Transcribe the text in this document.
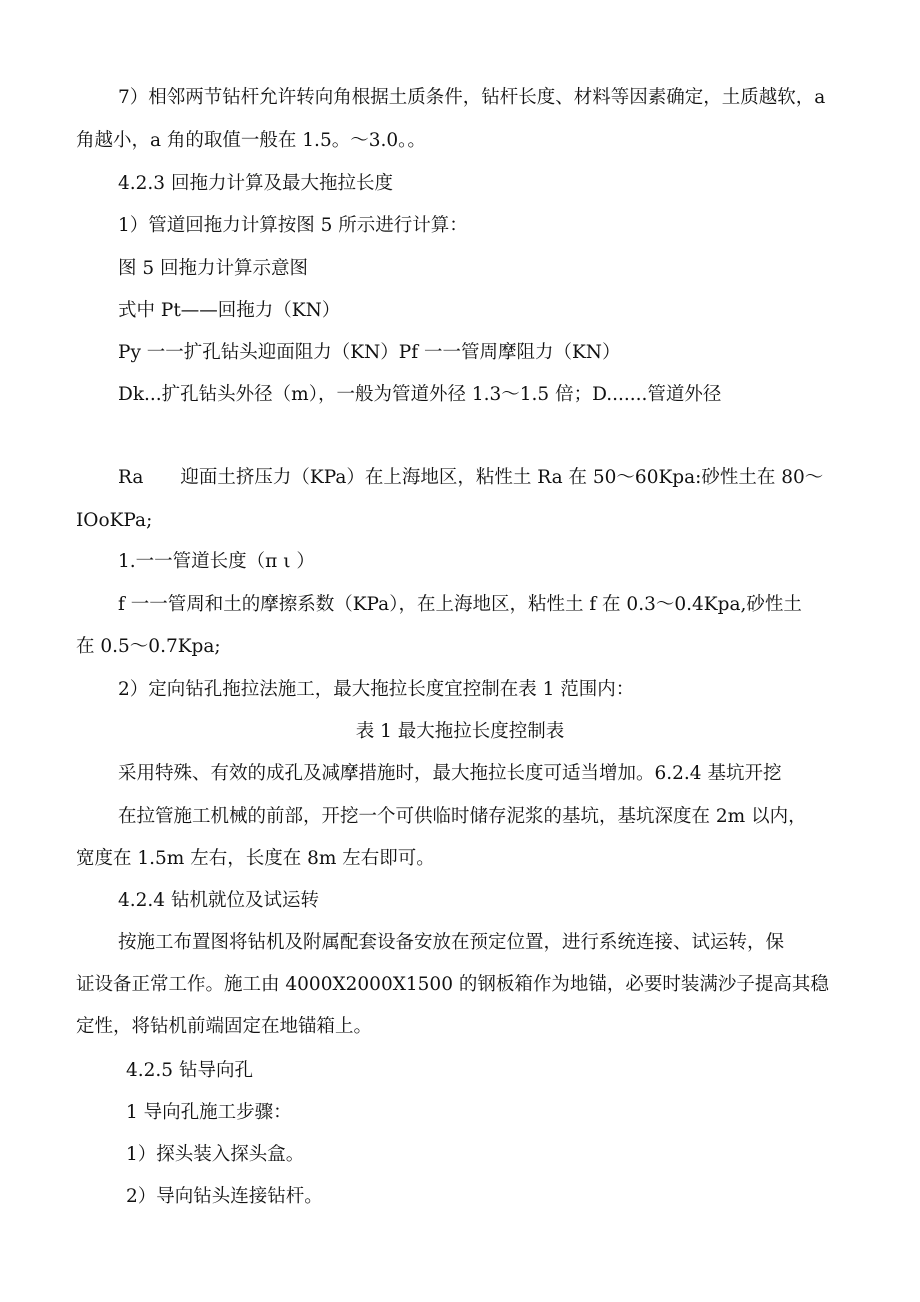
7）相邻两节钻杆允许转向角根据土质条件，钻杆长度、材料等因素确定，土质越软，a

角越小，a 角的取值一般在 1.5。～3.0。。

4.2.3 回拖力计算及最大拖拉长度

1）管道回拖力计算按图 5 所示进行计算：

图 5 回拖力计算示意图

式中 Pt——回拖力（KN）

Py 一一扩孔钻头迎面阻力（KN）Pf 一一管周摩阻力（KN）

Dk...扩孔钻头外径（m），一般为管道外径 1.3～1.5 倍；D.......管道外径

Ra　　迎面土挤压力（KPa）在上海地区，粘性土 Ra 在 50～60Kpa:砂性土在 80～

IOoKPa;

1.一一管道长度（π ι ）

f 一一管周和土的摩擦系数（KPa），在上海地区，粘性土 f 在 0.3～0.4Kpa,砂性土

在 0.5～0.7Kpa;

2）定向钻孔拖拉法施工，最大拖拉长度宜控制在表 1 范围内：

表 1 最大拖拉长度控制表

采用特殊、有效的成孔及减摩措施时，最大拖拉长度可适当增加。6.2.4 基坑开挖

在拉管施工机械的前部，开挖一个可供临时储存泥浆的基坑，基坑深度在 2m 以内，

宽度在 1.5m 左右，长度在 8m 左右即可。

4.2.4 钻机就位及试运转

按施工布置图将钻机及附属配套设备安放在预定位置，进行系统连接、试运转，保

证设备正常工作。施工由 4000X2000X1500 的钢板箱作为地锚，必要时装满沙子提高其稳

定性，将钻机前端固定在地锚箱上。

4.2.5 钻导向孔

1 导向孔施工步骤：

1）探头装入探头盒。

2）导向钻头连接钻杆。
